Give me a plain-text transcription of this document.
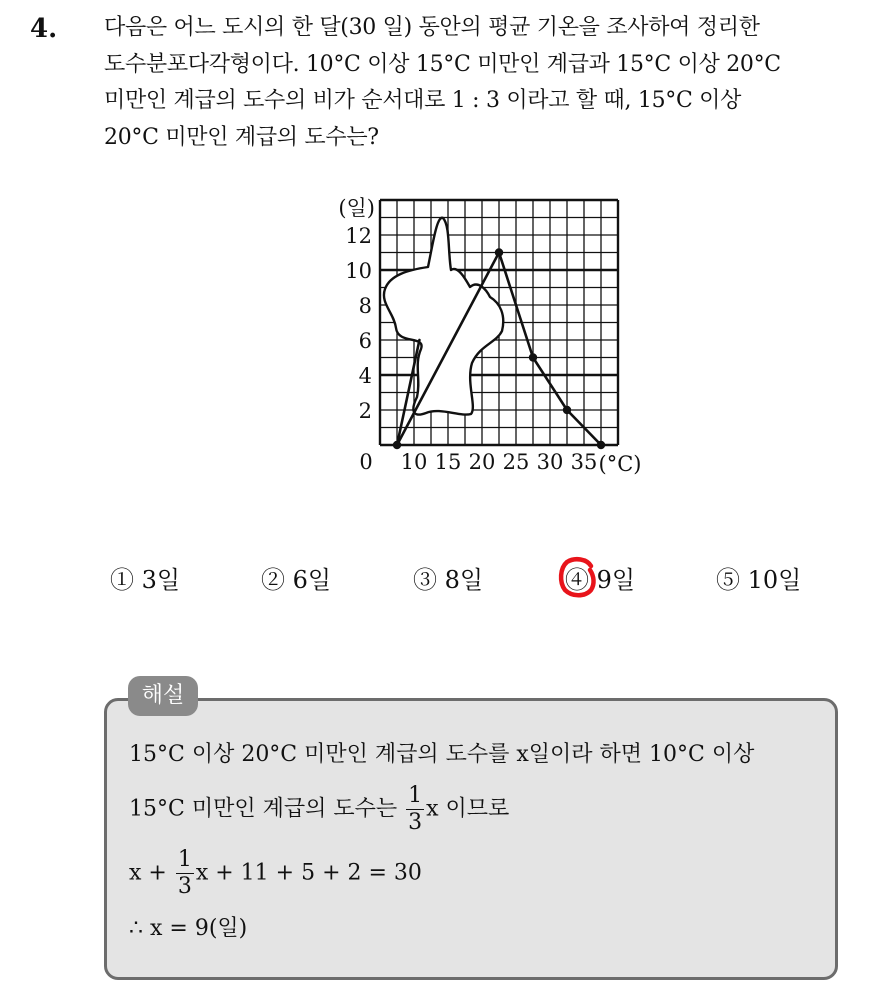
4. 다음은 어느 도시의 한 달(30 일) 동안의 평균 기온을 조사하여 정리한
도수분포다각형이다. 10°C 이상 15°C 미만인 계급과 15°C 이상 20°C
미만인 계급의 도수의 비가 순서대로 1 : 3 이라고 할 때, 15°C 이상
20°C 미만인 계급의 도수는?
(일)
2
4
6
8
10
12
0 10 15 20 25 30 35 (°C)
① 3일	② 6일	③ 8일	④ 9일	⑤ 10일
15°C 이상 20°C 미만인 계급의 도수를 x일이라 하면 10°C 이상
15°C 미만인 계급의 도수는 $\frac{1}{3}$ x 이므로
$x + \frac{1}{3}$ x + 11 + 5 + 2 = 30
∴ x = 9(일)
해설
